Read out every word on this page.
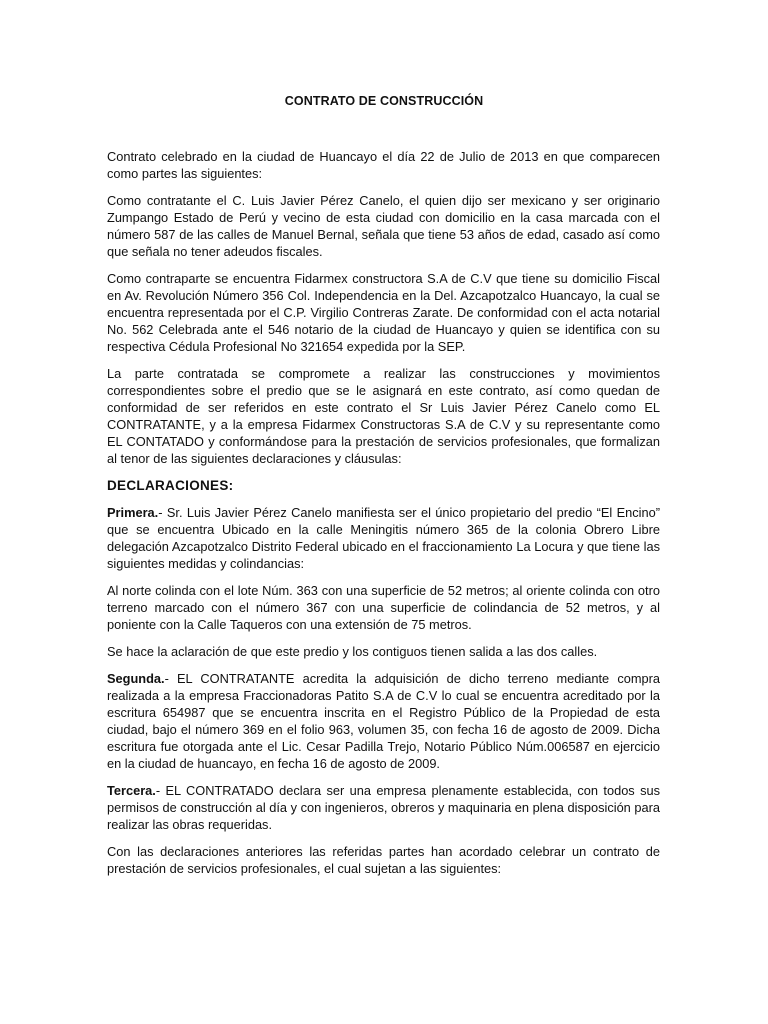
CONTRATO DE CONSTRUCCIÓN

Contrato celebrado en la ciudad de Huancayo el día 22 de Julio de 2013 en que comparecen como partes las siguientes:

Como contratante el C. Luis Javier Pérez Canelo, el quien dijo ser mexicano y ser originario Zumpango Estado de Perú y vecino de esta ciudad con domicilio en la casa marcada con el número 587 de las calles de Manuel Bernal, señala que tiene 53 años de edad, casado así como que señala no tener adeudos fiscales.

Como contraparte se encuentra Fidarmex constructora S.A de C.V que tiene su domicilio Fiscal en Av. Revolución Número 356 Col. Independencia en la Del. Azcapotzalco Huancayo, la cual se encuentra representada por el C.P. Virgilio Contreras Zarate. De conformidad con el acta notarial No. 562 Celebrada ante el 546 notario de la ciudad de Huancayo y quien se identifica con su respectiva Cédula Profesional No 321654 expedida por la SEP.

La parte contratada se compromete a realizar las construcciones y movimientos correspondientes sobre el predio que se le asignará en este contrato, así como quedan de conformidad de ser referidos en este contrato el Sr Luis Javier Pérez Canelo como EL CONTRATANTE, y a la empresa Fidarmex Constructoras S.A de C.V y su representante como EL CONTATADO y conformándose para la prestación de servicios profesionales, que formalizan al tenor de las siguientes declaraciones y cláusulas:

DECLARACIONES:

Primera.- Sr. Luis Javier Pérez Canelo manifiesta ser el único propietario del predio “El Encino” que se encuentra Ubicado en la calle Meningitis número 365 de la colonia Obrero Libre delegación Azcapotzalco Distrito Federal ubicado en el fraccionamiento La Locura y que tiene las siguientes medidas y colindancias:

Al norte colinda con el lote Núm. 363 con una superficie de 52 metros; al oriente colinda con otro terreno marcado con el número 367 con una superficie de colindancia de 52 metros, y al poniente con la Calle Taqueros con una extensión de 75 metros.

Se hace la aclaración de que este predio y los contiguos tienen salida a las dos calles.

Segunda.- EL CONTRATANTE acredita la adquisición de dicho terreno mediante compra realizada a la empresa Fraccionadoras Patito S.A de C.V lo cual se encuentra acreditado por la escritura 654987 que se encuentra inscrita en el Registro Público de la Propiedad de esta ciudad, bajo el número 369 en el folio 963, volumen 35, con fecha 16 de agosto de 2009. Dicha escritura fue otorgada ante el Lic. Cesar Padilla Trejo, Notario Público Núm.006587 en ejercicio en la ciudad de huancayo, en fecha 16 de agosto de 2009.

Tercera.- EL CONTRATADO declara ser una empresa plenamente establecida, con todos sus permisos de construcción al día y con ingenieros, obreros y maquinaria en plena disposición para realizar las obras requeridas.

Con las declaraciones anteriores las referidas partes han acordado celebrar un contrato de prestación de servicios profesionales, el cual sujetan a las siguientes:
